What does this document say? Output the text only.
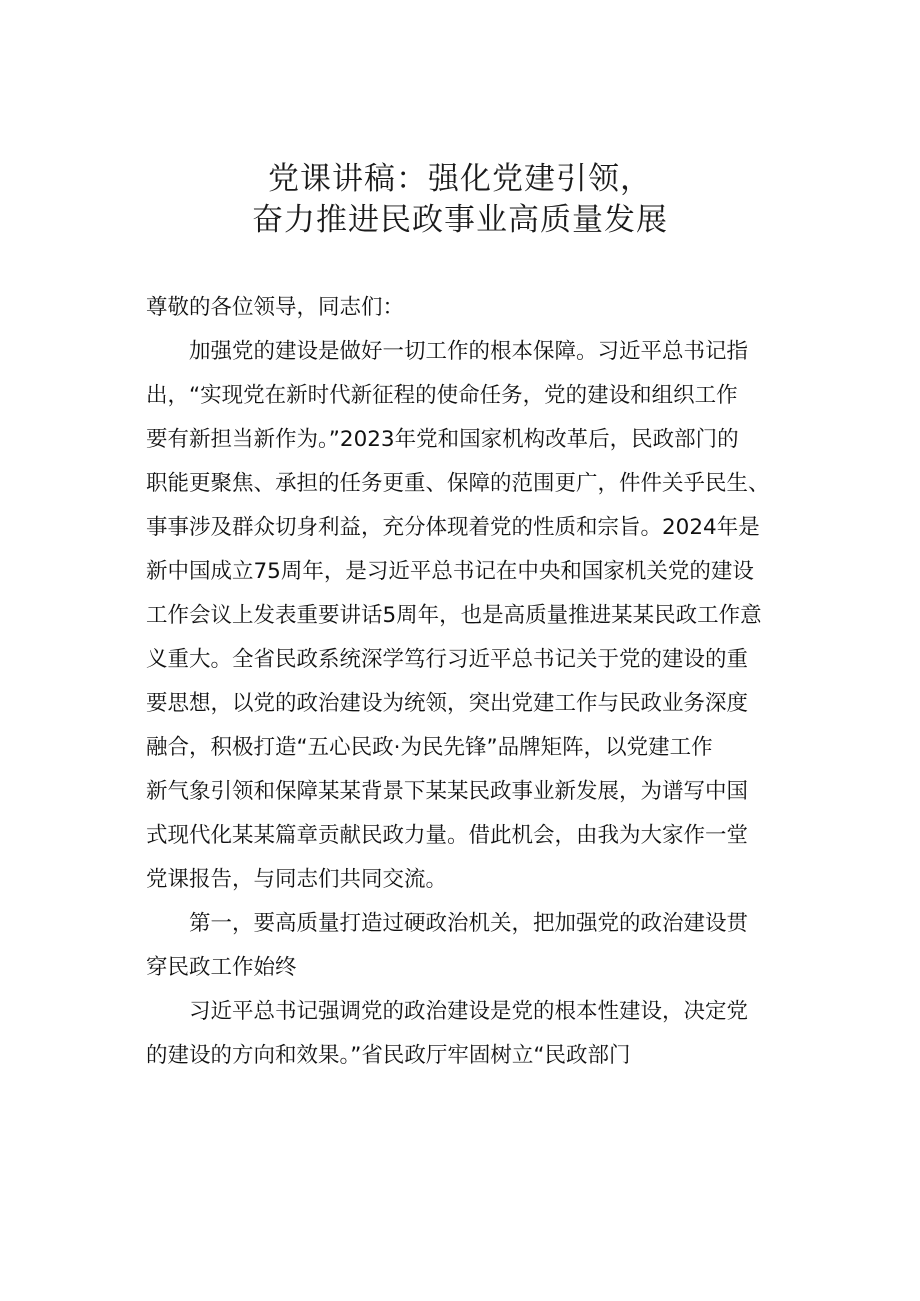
党课讲稿：强化党建引领，
奋力推进民政事业高质量发展
尊敬的各位领导，同志们：
　　加强党的建设是做好一切工作的根本保障。习近平总书记指
出，“实现党在新时代新征程的使命任务，党的建设和组织工作
要有新担当新作为。”2023年党和国家机构改革后，民政部门的
职能更聚焦、承担的任务更重、保障的范围更广，件件关乎民生、
事事涉及群众切身利益，充分体现着党的性质和宗旨。2024年是
新中国成立75周年，是习近平总书记在中央和国家机关党的建设
工作会议上发表重要讲话5周年，也是高质量推进某某民政工作意
义重大。全省民政系统深学笃行习近平总书记关于党的建设的重
要思想，以党的政治建设为统领，突出党建工作与民政业务深度
融合，积极打造“五心民政·为民先锋”品牌矩阵，以党建工作
新气象引领和保障某某背景下某某民政事业新发展，为谱写中国
式现代化某某篇章贡献民政力量。借此机会，由我为大家作一堂
党课报告，与同志们共同交流。
　　第一，要高质量打造过硬政治机关，把加强党的政治建设贯
穿民政工作始终
　　习近平总书记强调党的政治建设是党的根本性建设，决定党
的建设的方向和效果。”省民政厅牢固树立“民政部门
